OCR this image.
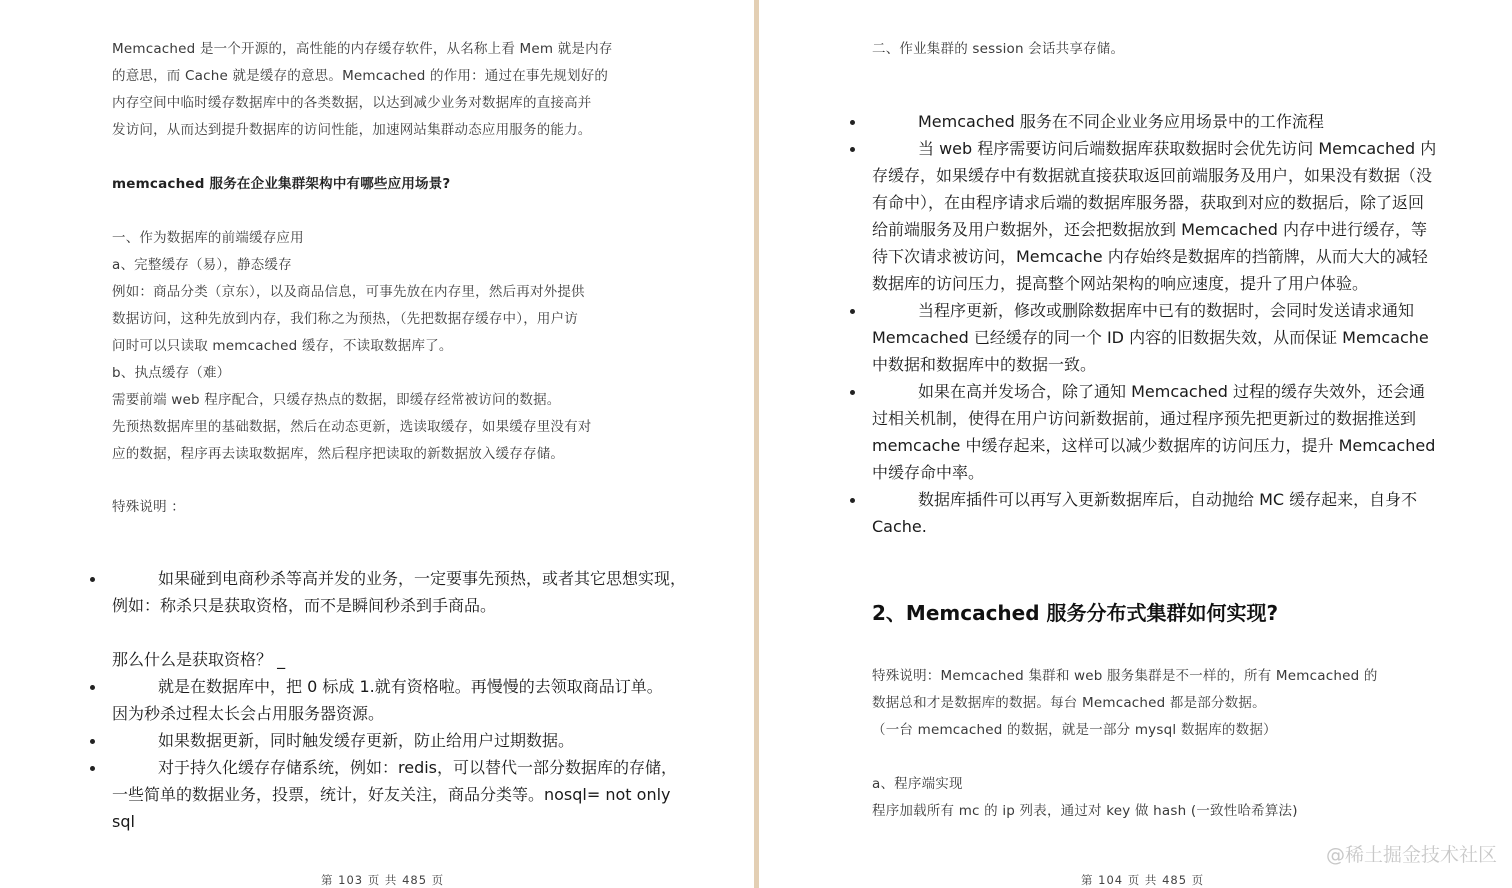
Memcached 是一个开源的，高性能的内存缓存软件，从名称上看 Mem 就是内存
的意思，而 Cache 就是缓存的意思。Memcached 的作用：通过在事先规划好的
内存空间中临时缓存数据库中的各类数据，以达到减少业务对数据库的直接高并
发访问，从而达到提升数据库的访问性能，加速网站集群动态应用服务的能力。
memcached 服务在企业集群架构中有哪些应用场景?
一、作为数据库的前端缓存应用
a、完整缓存（易），静态缓存
例如：商品分类（京东），以及商品信息，可事先放在内存里，然后再对外提供
数据访问，这种先放到内存，我们称之为预热，（先把数据存缓存中），用户访
问时可以只读取 memcached 缓存，不读取数据库了。
b、执点缓存（难）
需要前端 web 程序配合，只缓存热点的数据，即缓存经常被访问的数据。
先预热数据库里的基础数据，然后在动态更新，选读取缓存，如果缓存里没有对
应的数据，程序再去读取数据库，然后程序把读取的新数据放入缓存存储。
特殊说明 ：
如果碰到电商秒杀等高并发的业务，一定要事先预热，或者其它思想实现，
例如：称杀只是获取资格，而不是瞬间秒杀到手商品。
那么什么是获取资格？ _
就是在数据库中，把 0 标成 1.就有资格啦。再慢慢的去领取商品订单。
因为秒杀过程太长会占用服务器资源。
如果数据更新，同时触发缓存更新，防止给用户过期数据。
对于持久化缓存存储系统，例如：redis，可以替代一部分数据库的存储，
一些简单的数据业务，投票，统计，好友关注，商品分类等。nosql= not only
sql
第 103 页 共 485 页
二、作业集群的 session 会话共享存储。
Memcached 服务在不同企业业务应用场景中的工作流程
当 web 程序需要访问后端数据库获取数据时会优先访问 Memcached 内
存缓存，如果缓存中有数据就直接获取返回前端服务及用户，如果没有数据（没
有命中），在由程序请求后端的数据库服务器，获取到对应的数据后，除了返回
给前端服务及用户数据外，还会把数据放到 Memcached 内存中进行缓存，等
待下次请求被访问，Memcache 内存始终是数据库的挡箭牌，从而大大的减轻
数据库的访问压力，提高整个网站架构的响应速度，提升了用户体验。
当程序更新，修改或删除数据库中已有的数据时，会同时发送请求通知
Memcached 已经缓存的同一个 ID 内容的旧数据失效，从而保证 Memcache
中数据和数据库中的数据一致。
如果在高并发场合，除了通知 Memcached 过程的缓存失效外，还会通
过相关机制，使得在用户访问新数据前，通过程序预先把更新过的数据推送到
memcache 中缓存起来，这样可以减少数据库的访问压力，提升 Memcached
中缓存命中率。
数据库插件可以再写入更新数据库后，自动抛给 MC 缓存起来，自身不
Cache.
2、Memcached 服务分布式集群如何实现?
特殊说明：Memcached 集群和 web 服务集群是不一样的，所有 Memcached 的
数据总和才是数据库的数据。每台 Memcached 都是部分数据。
（一台 memcached 的数据，就是一部分 mysql 数据库的数据）
a、程序端实现
程序加载所有 mc 的 ip 列表，通过对 key 做 hash (一致性哈希算法)
@稀土掘金技术社区
第 104 页 共 485 页
